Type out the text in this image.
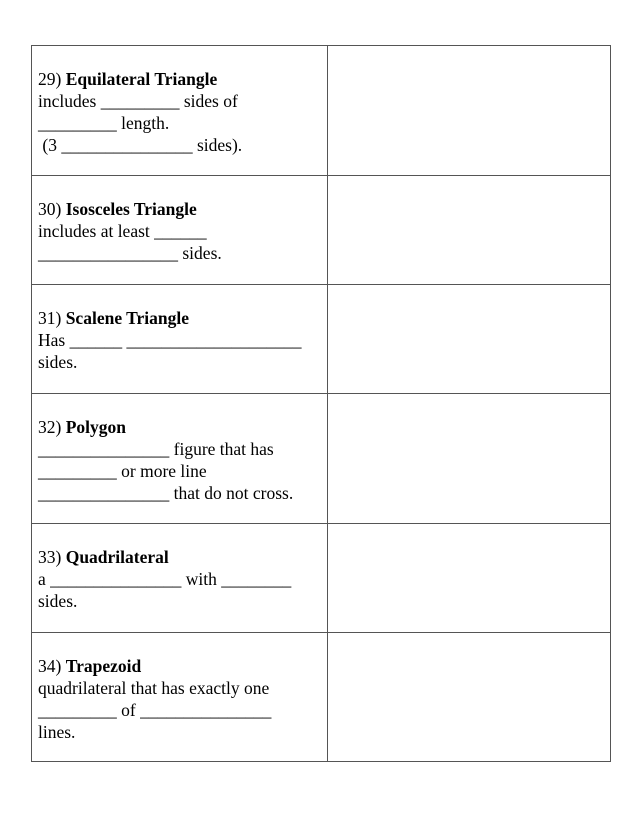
29) Equilateral Triangle
includes _________ sides of
_________ length.
(3 _______________ sides).	

30) Isosceles Triangle
includes at least ______
________________ sides.	

31) Scalene Triangle
Has ______ ____________________
sides.	

32) Polygon
_______________ figure that has
_________ or more line
_______________ that do not cross.	

33) Quadrilateral
a _______________ with ________
sides.	

34) Trapezoid
quadrilateral that has exactly one
_________ of _______________
lines.	
